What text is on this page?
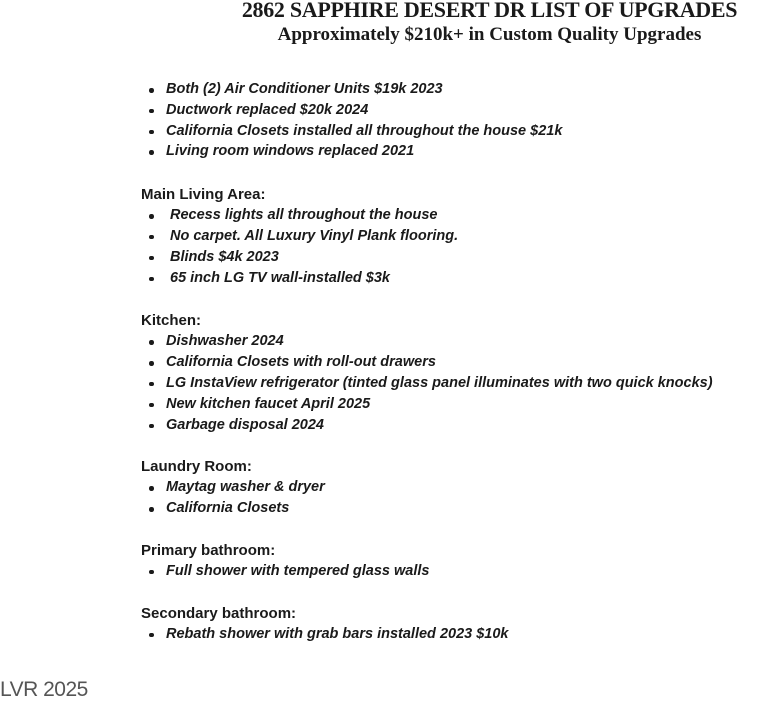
2862 SAPPHIRE DESERT DR LIST OF UPGRADES
Approximately $210k+ in Custom Quality Upgrades
Both (2) Air Conditioner Units $19k 2023
Ductwork replaced $20k 2024
California Closets installed all throughout the house $21k
Living room windows replaced 2021
Main Living Area:
Recess lights all throughout the house
No carpet. All Luxury Vinyl Plank flooring.
Blinds $4k 2023
65 inch LG TV wall-installed $3k
Kitchen:
Dishwasher 2024
California Closets with roll-out drawers
LG InstaView refrigerator (tinted glass panel illuminates with two quick knocks)
New kitchen faucet April 2025
Garbage disposal 2024
Laundry Room:
Maytag washer & dryer
California Closets
Primary bathroom:
Full shower with tempered glass walls
Secondary bathroom:
Rebath shower with grab bars installed 2023 $10k
LVR 2025
